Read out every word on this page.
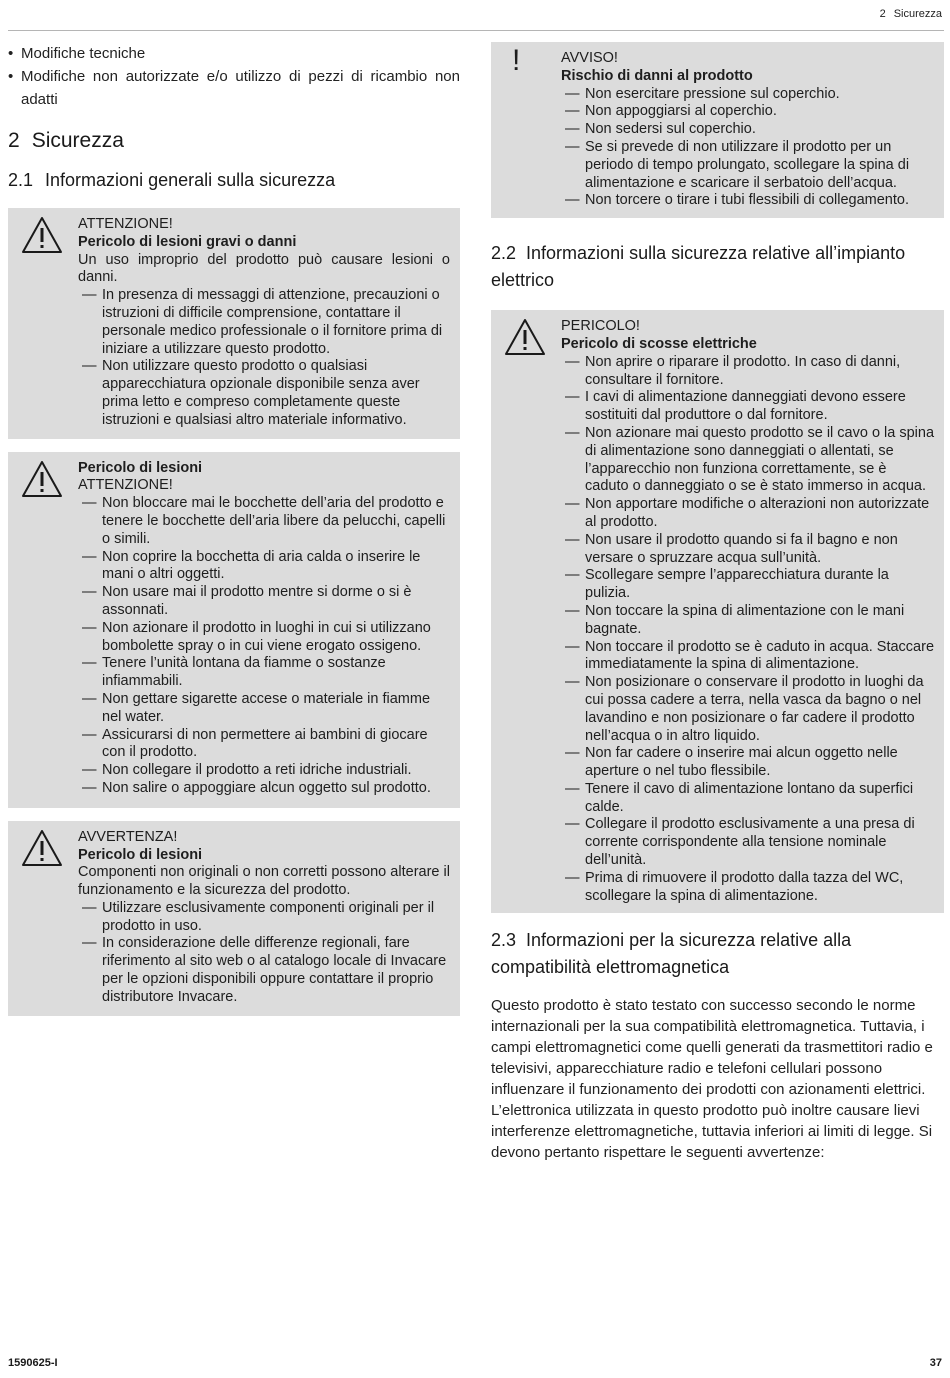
2 Sicurezza
• Modifiche tecniche
• Modifiche non autorizzate e/o utilizzo di pezzi di ricambio non adatti
2 Sicurezza
2.1 Informazioni generali sulla sicurezza
ATTENZIONE!
Pericolo di lesioni gravi o danni
Un uso improprio del prodotto può causare lesioni o danni.
— In presenza di messaggi di attenzione, precauzioni o istruzioni di difficile comprensione, contattare il personale medico professionale o il fornitore prima di iniziare a utilizzare questo prodotto.
— Non utilizzare questo prodotto o qualsiasi apparecchiatura opzionale disponibile senza aver prima letto e compreso completamente queste istruzioni e qualsiasi altro materiale informativo.
Pericolo di lesioni
ATTENZIONE!
— Non bloccare mai le bocchette dell’aria del prodotto e tenere le bocchette dell’aria libere da pelucchi, capelli o simili.
— Non coprire la bocchetta di aria calda o inserire le mani o altri oggetti.
— Non usare mai il prodotto mentre si dorme o si è assonnati.
— Non azionare il prodotto in luoghi in cui si utilizzano bombolette spray o in cui viene erogato ossigeno.
— Tenere l’unità lontana da fiamme o sostanze infiammabili.
— Non gettare sigarette accese o materiale in fiamme nel water.
— Assicurarsi di non permettere ai bambini di giocare con il prodotto.
— Non collegare il prodotto a reti idriche industriali.
— Non salire o appoggiare alcun oggetto sul prodotto.
AVVERTENZA!
Pericolo di lesioni
Componenti non originali o non corretti possono alterare il funzionamento e la sicurezza del prodotto.
— Utilizzare esclusivamente componenti originali per il prodotto in uso.
— In considerazione delle differenze regionali, fare riferimento al sito web o al catalogo locale di Invacare per le opzioni disponibili oppure contattare il proprio distributore Invacare.
!	AVVISO!
Rischio di danni al prodotto
— Non esercitare pressione sul coperchio.
— Non appoggiarsi al coperchio.
— Non sedersi sul coperchio.
— Se si prevede di non utilizzare il prodotto per un periodo di tempo prolungato, scollegare la spina di alimentazione e scaricare il serbatoio dell’acqua.
— Non torcere o tirare i tubi flessibili di collegamento.
2.2 Informazioni sulla sicurezza relative all’impianto elettrico
PERICOLO!
Pericolo di scosse elettriche
— Non aprire o riparare il prodotto. In caso di danni, consultare il fornitore.
— I cavi di alimentazione danneggiati devono essere sostituiti dal produttore o dal fornitore.
— Non azionare mai questo prodotto se il cavo o la spina di alimentazione sono danneggiati o allentati, se l’apparecchio non funziona correttamente, se è caduto o danneggiato o se è stato immerso in acqua.
— Non apportare modifiche o alterazioni non autorizzate al prodotto.
— Non usare il prodotto quando si fa il bagno e non versare o spruzzare acqua sull’unità.
— Scollegare sempre l’apparecchiatura durante la pulizia.
— Non toccare la spina di alimentazione con le mani bagnate.
— Non toccare il prodotto se è caduto in acqua. Staccare immediatamente la spina di alimentazione.
— Non posizionare o conservare il prodotto in luoghi da cui possa cadere a terra, nella vasca da bagno o nel lavandino e non posizionare o far cadere il prodotto nell’acqua o in altro liquido.
— Non far cadere o inserire mai alcun oggetto nelle aperture o nel tubo flessibile.
— Tenere il cavo di alimentazione lontano da superfici calde.
— Collegare il prodotto esclusivamente a una presa di corrente corrispondente alla tensione nominale dell’unità.
— Prima di rimuovere il prodotto dalla tazza del WC, scollegare la spina di alimentazione.
2.3 Informazioni per la sicurezza relative alla compatibilità elettromagnetica

Questo prodotto è stato testato con successo secondo le norme internazionali per la sua compatibilità elettromagnetica. Tuttavia, i campi elettromagnetici come quelli generati da trasmettitori radio e televisivi, apparecchiature radio e telefoni cellulari possono influenzare il funzionamento dei prodotti con azionamenti elettrici. L’elettronica utilizzata in questo prodotto può inoltre causare lievi interferenze elettromagnetiche, tuttavia inferiori ai limiti di legge. Si devono pertanto rispettare le seguenti avvertenze:

1590625-I	37
